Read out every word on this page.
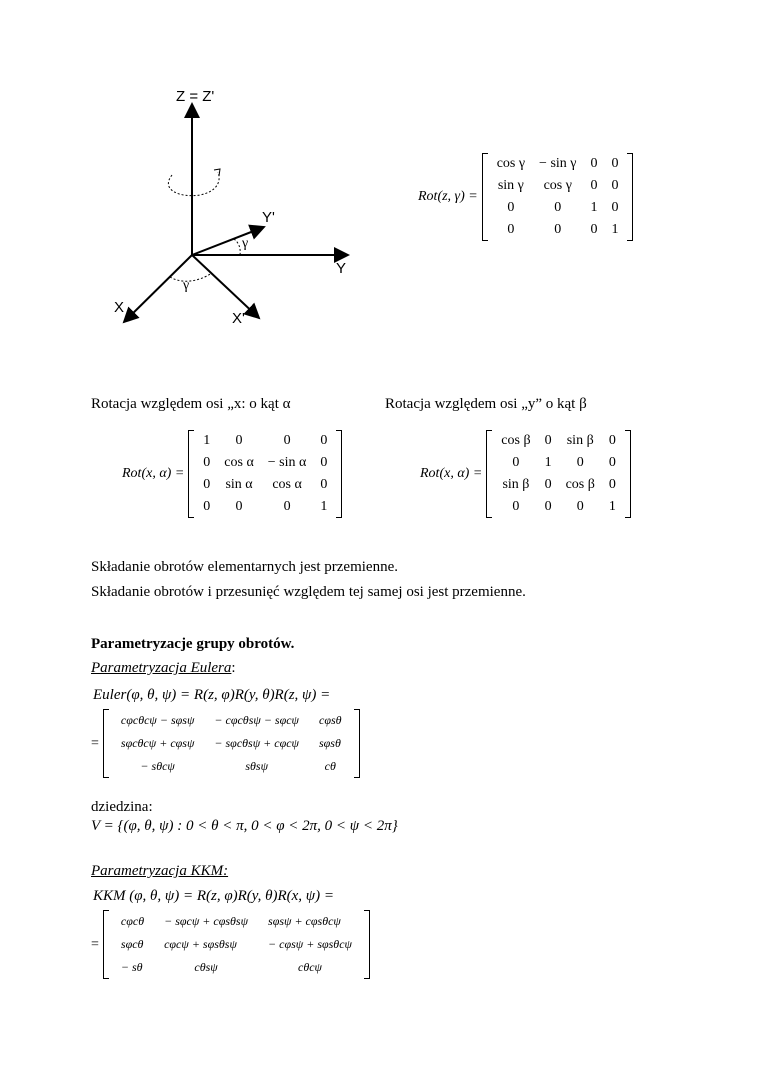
Z = Z'
Y'
Y
X
X'
γ
γ
Rot(z, γ) =
cos γ	− sin γ	0	0
sin γ	cos γ	0	0
0	0	1	0
0	0	0	1
Rotacja względem osi „x: o kąt α	Rotacja względem osi „y” o kąt β
Rot(x, α) =
1	0	0	0
0	cos α	− sin α	0
0	sin α	cos α	0
0	0	0	1
Rot(x, α) =
cos β	0	sin β	0
0	1	0	0
sin β	0	cos β	0
0	0	0	1
Składanie obrotów elementarnych jest przemienne.
Składanie obrotów i przesunięć względem tej samej osi jest przemienne.
Parametryzacje grupy obrotów.
Parametryzacja Eulera:
Euler(φ, θ, ψ) = R(z, φ)R(y, θ)R(z, ψ) =
=
cφcθcψ − sφsψ	− cφcθsψ − sφcψ	cφsθ
sφcθcψ + cφsψ	− sφcθsψ + cφcψ	sφsθ
− sθcψ	sθsψ	cθ
dziedzina:
V = {(φ, θ, ψ) : 0 < θ < π, 0 < φ < 2π, 0 < ψ < 2π}
Parametryzacja KKM:
KKM (φ, θ, ψ) = R(z, φ)R(y, θ)R(x, ψ) =
=
cφcθ	− sφcψ + cφsθsψ	sφsψ + cφsθcψ
sφcθ	cφcψ + sφsθsψ	− cφsψ + sφsθcψ
− sθ	cθsψ	cθcψ
